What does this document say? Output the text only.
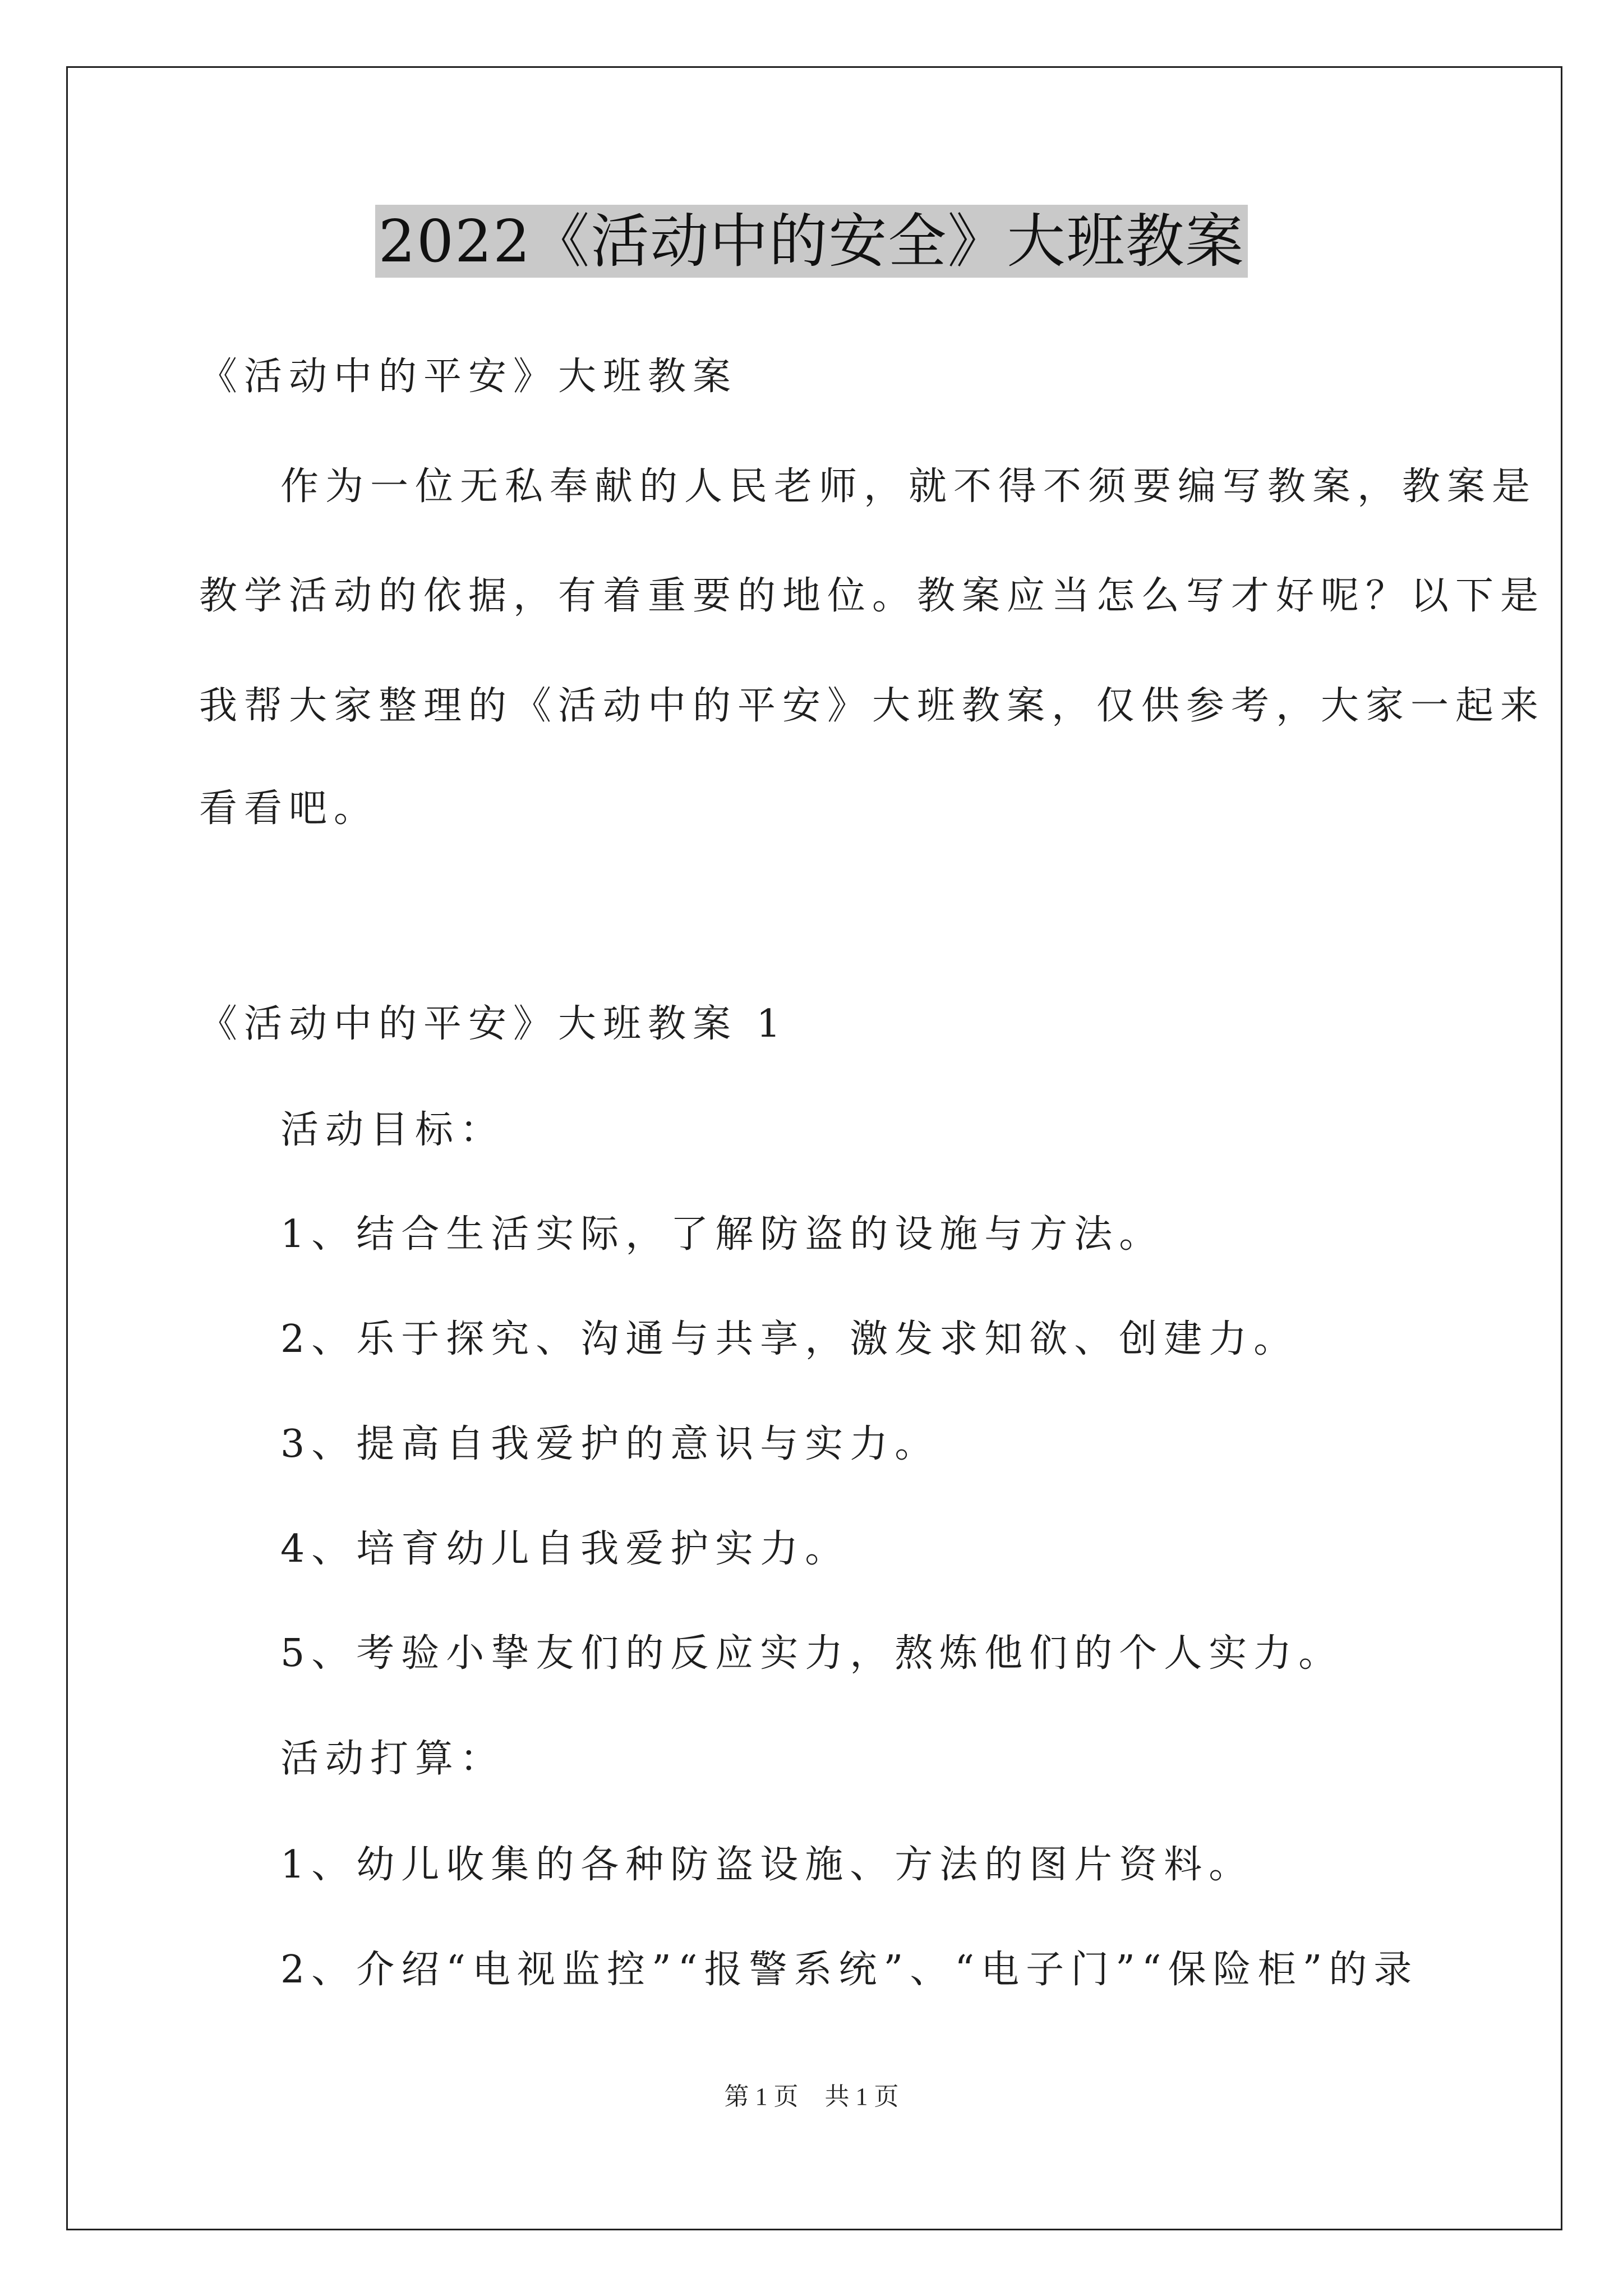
2022《活动中的安全》大班教案
《活动中的平安》大班教案
作为一位无私奉献的人民老师，就不得不须要编写教案，教案是
教学活动的依据，有着重要的地位。教案应当怎么写才好呢？以下是
我帮大家整理的《活动中的平安》大班教案，仅供参考，大家一起来
看看吧。
《活动中的平安》大班教案 1
活动目标：
1、结合生活实际，了解防盗的设施与方法。
2、乐于探究、沟通与共享，激发求知欲、创建力。
3、提高自我爱护的意识与实力。
4、培育幼儿自我爱护实力。
5、考验小挚友们的反应实力，熬炼他们的个人实力。
活动打算：
1、幼儿收集的各种防盗设施、方法的图片资料。
2、介绍“电视监控”“报警系统”、“电子门”“保险柜”的录
第 1 页 共 1 页
